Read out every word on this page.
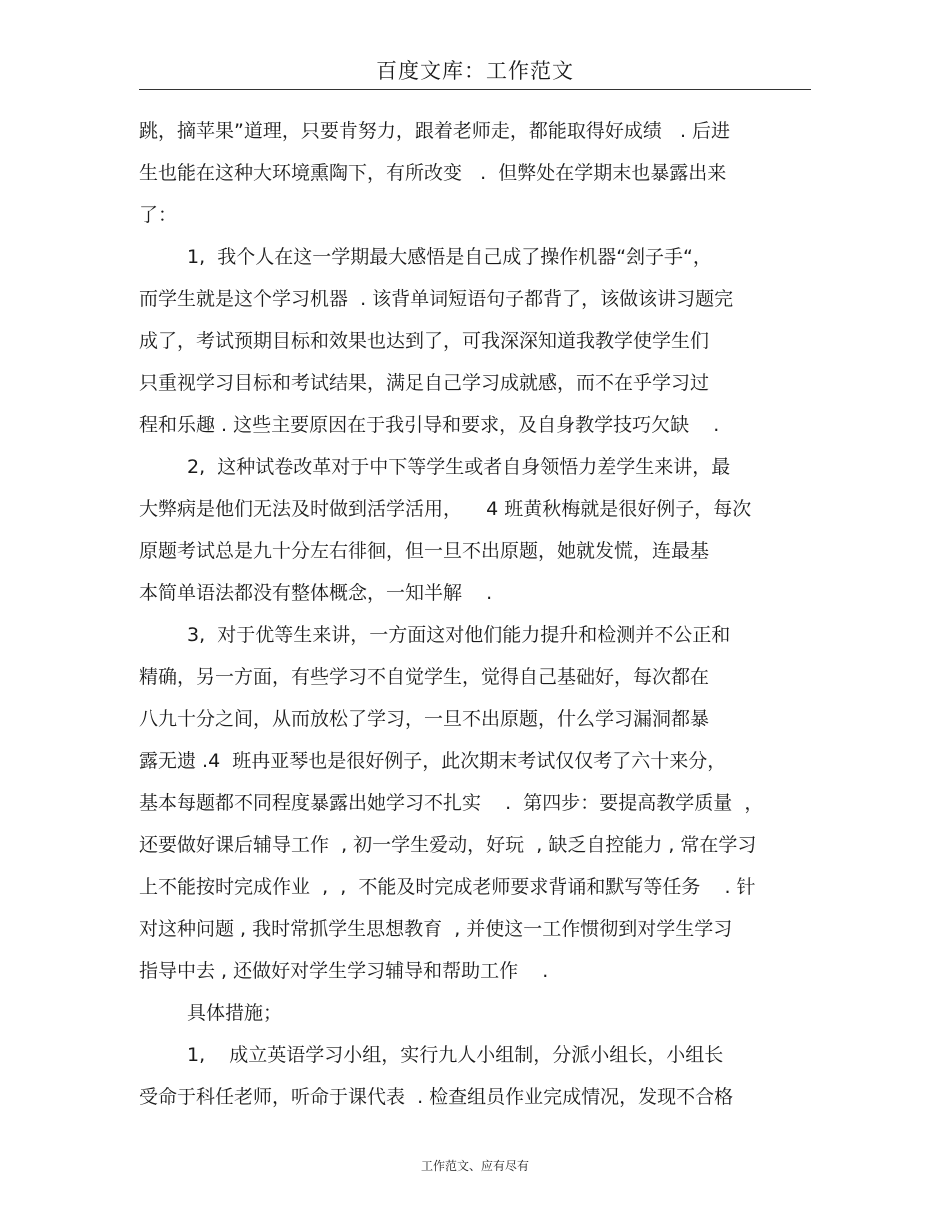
百度文库：工作范文
跳，摘苹果”道理，只要肯努力，跟着老师走，都能取得好成绩   . 后进
生也能在这种大环境熏陶下，有所改变   .  但弊处在学期末也暴露出来
了：
1,  我个人在这一学期最大感悟是自己成了操作机器“刽子手“，
而学生就是这个学习机器  . 该背单词短语句子都背了，该做该讲习题完
成了，考试预期目标和效果也达到了，可我深深知道我教学使学生们
只重视学习目标和考试结果，满足自己学习成就感，而不在乎学习过
程和乐趣 . 这些主要原因在于我引导和要求，及自身教学技巧欠缺    .
2,  这种试卷改革对于中下等学生或者自身领悟力差学生来讲，最
大弊病是他们无法及时做到活学活用，    4 班黄秋梅就是很好例子，每次
原题考试总是九十分左右徘徊，但一旦不出原题，她就发慌，连最基
本简单语法都没有整体概念，一知半解    .
3,  对于优等生来讲，一方面这对他们能力提升和检测并不公正和
精确，另一方面，有些学习不自觉学生，觉得自己基础好，每次都在
八九十分之间，从而放松了学习，一旦不出原题，什么学习漏洞都暴
露无遗 .4  班冉亚琴也是很好例子，此次期末考试仅仅考了六十来分，
基本每题都不同程度暴露出她学习不扎实    .  第四步：要提高教学质量  ，
还要做好课后辅导工作  , 初一学生爱动，好玩  , 缺乏自控能力 , 常在学习
上不能按时完成作业  ,  ,  不能及时完成老师要求背诵和默写等任务    . 针
对这种问题 , 我时常抓学生思想教育  , 并使这一工作惯彻到对学生学习
指导中去 , 还做好对学生学习辅导和帮助工作    .
具体措施；
1,    成立英语学习小组，实行九人小组制，分派小组长，小组长
受命于科任老师，听命于课代表  . 检查组员作业完成情况，发现不合格
工作范文、应有尽有
